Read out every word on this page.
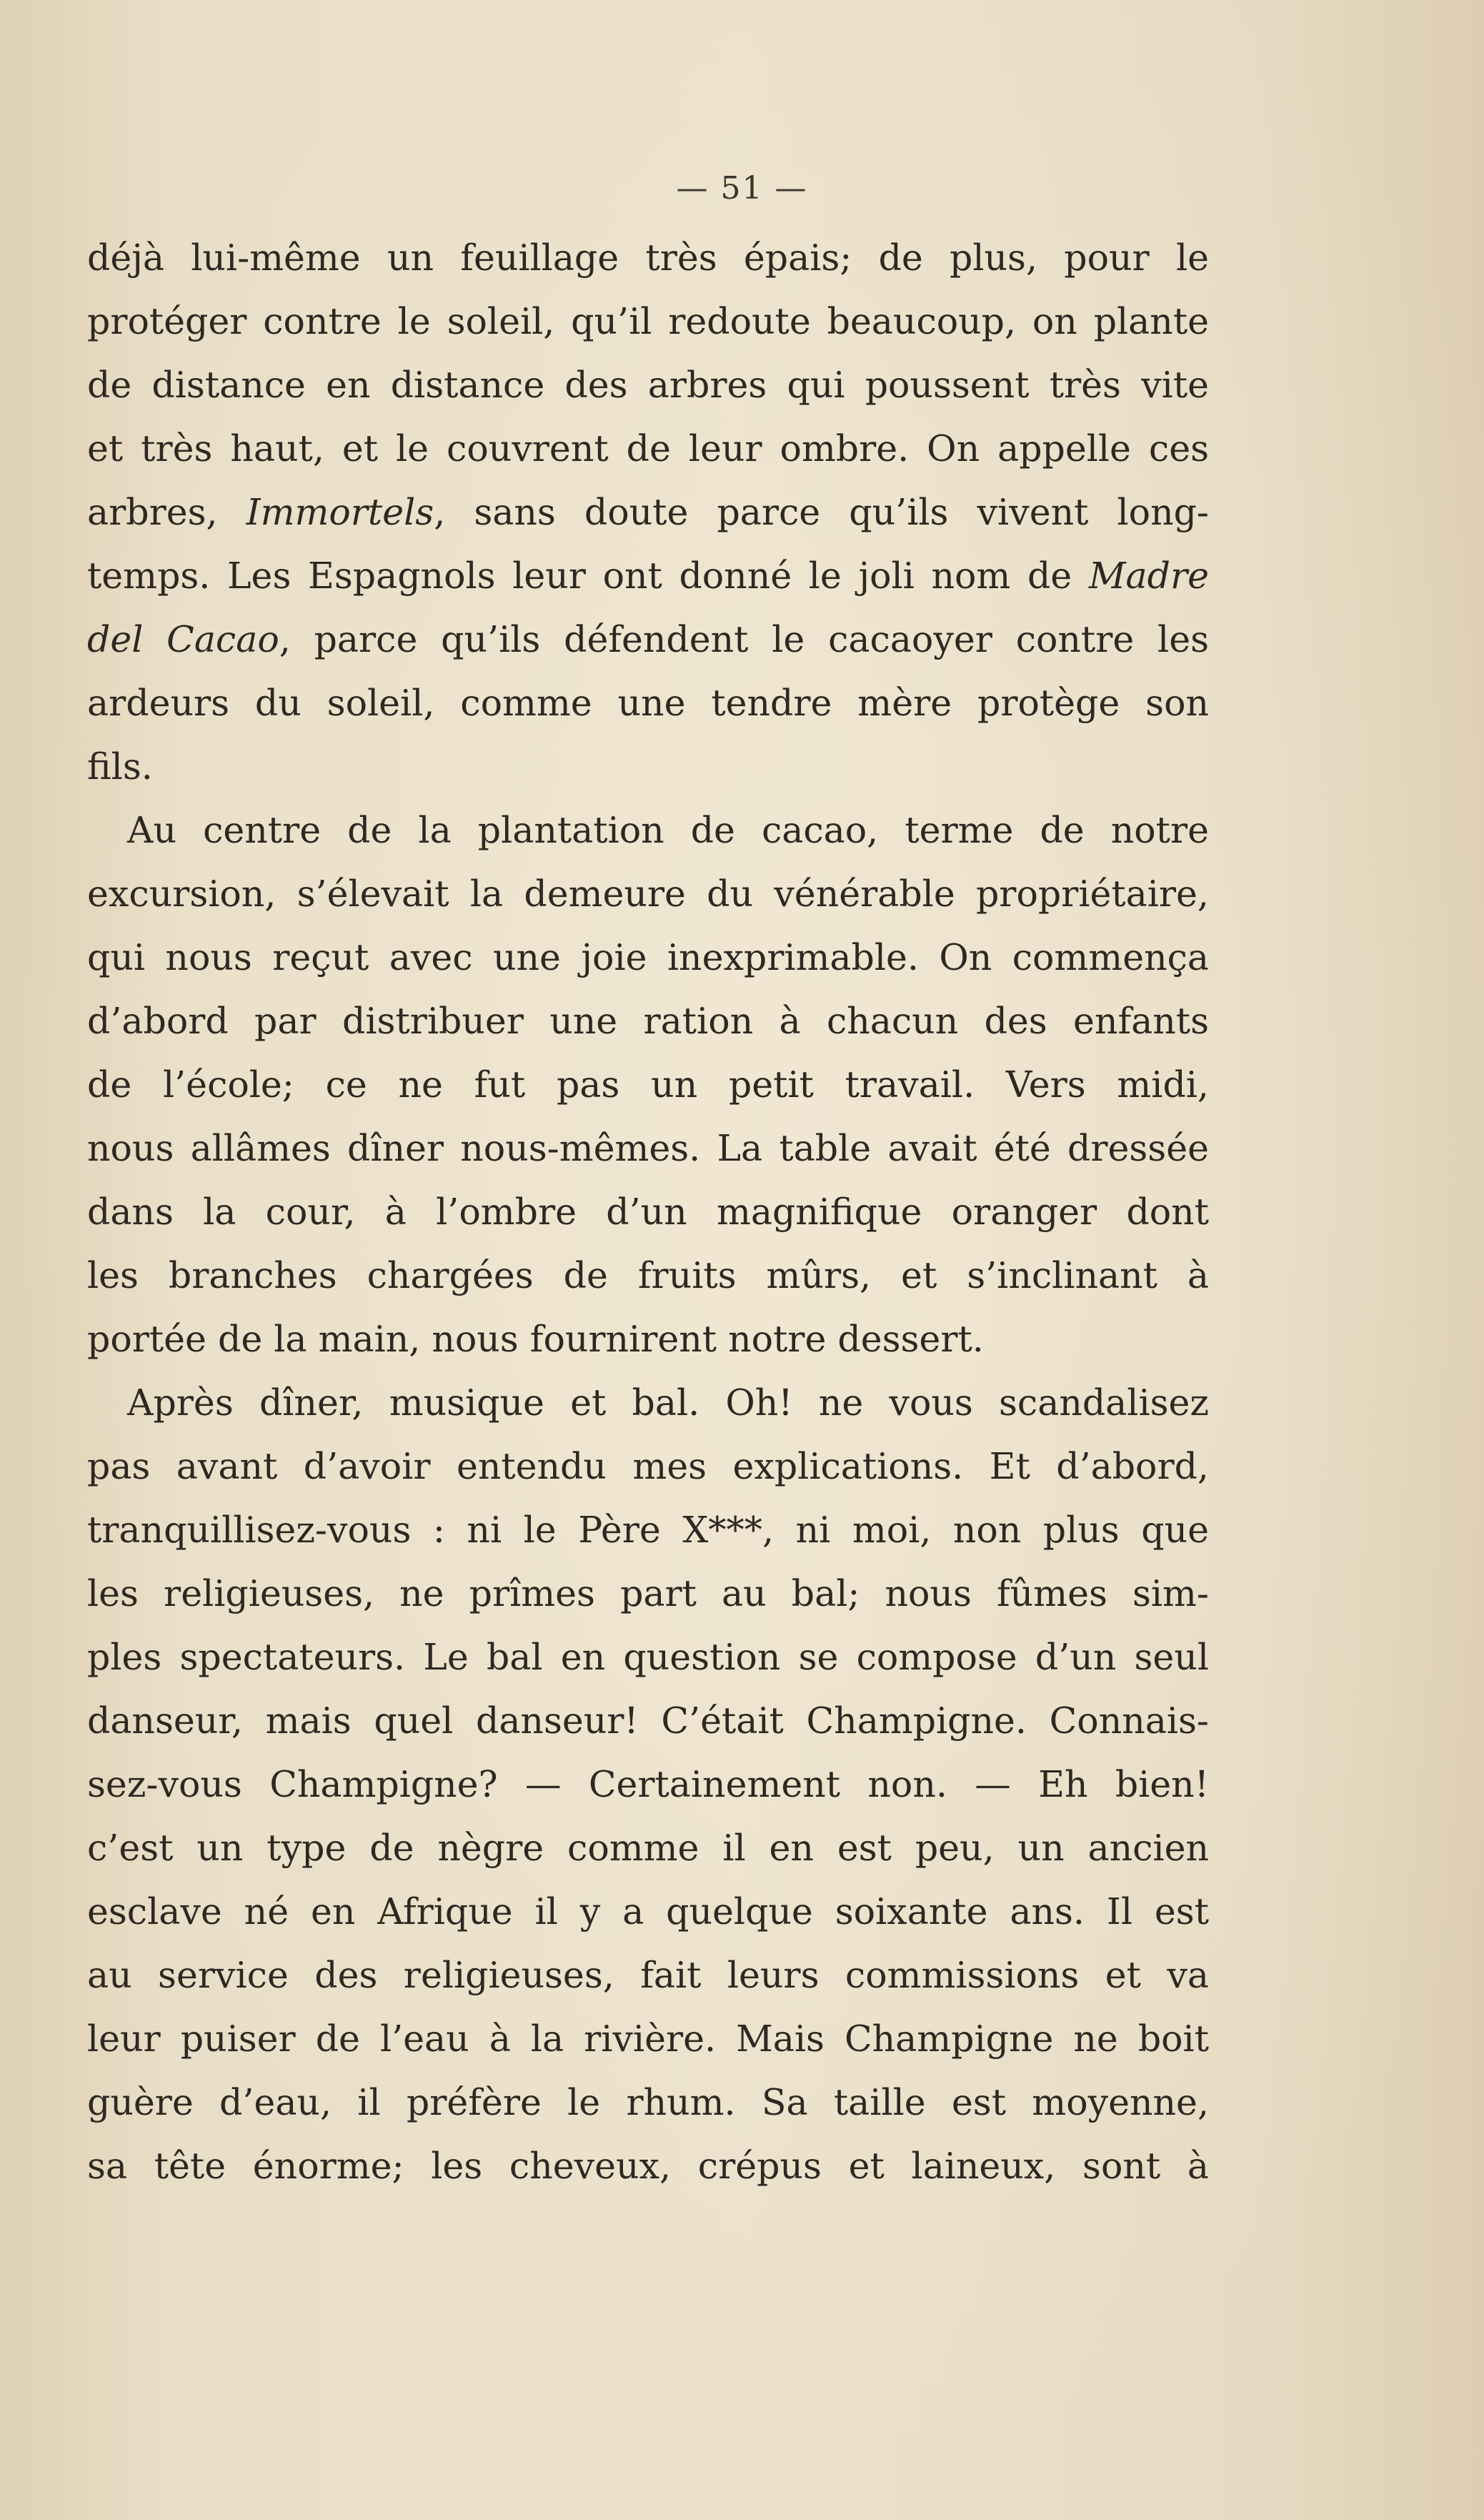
— 51 —
déjà lui-même un feuillage très épais; de plus, pour le
protéger contre le soleil, qu’il redoute beaucoup, on plante
de distance en distance des arbres qui poussent très vite
et très haut, et le couvrent de leur ombre. On appelle ces
arbres, Immortels, sans doute parce qu’ils vivent long-
temps. Les Espagnols leur ont donné le joli nom de Madre
del Cacao, parce qu’ils défendent le cacaoyer contre les
ardeurs du soleil, comme une tendre mère protège son
fils.
Au centre de la plantation de cacao, terme de notre
excursion, s’élevait la demeure du vénérable propriétaire,
qui nous reçut avec une joie inexprimable. On commença
d’abord par distribuer une ration à chacun des enfants
de l’école; ce ne fut pas un petit travail. Vers midi,
nous allâmes dîner nous-mêmes. La table avait été dressée
dans la cour, à l’ombre d’un magnifique oranger dont
les branches chargées de fruits mûrs, et s’inclinant à
portée de la main, nous fournirent notre dessert.
Après dîner, musique et bal. Oh! ne vous scandalisez
pas avant d’avoir entendu mes explications. Et d’abord,
tranquillisez-vous : ni le Père X***, ni moi, non plus que
les religieuses, ne prîmes part au bal; nous fûmes sim-
ples spectateurs. Le bal en question se compose d’un seul
danseur, mais quel danseur! C’était Champigne. Connais-
sez-vous Champigne? — Certainement non. — Eh bien!
c’est un type de nègre comme il en est peu, un ancien
esclave né en Afrique il y a quelque soixante ans. Il est
au service des religieuses, fait leurs commissions et va
leur puiser de l’eau à la rivière. Mais Champigne ne boit
guère d’eau, il préfère le rhum. Sa taille est moyenne,
sa tête énorme; les cheveux, crépus et laineux, sont à
